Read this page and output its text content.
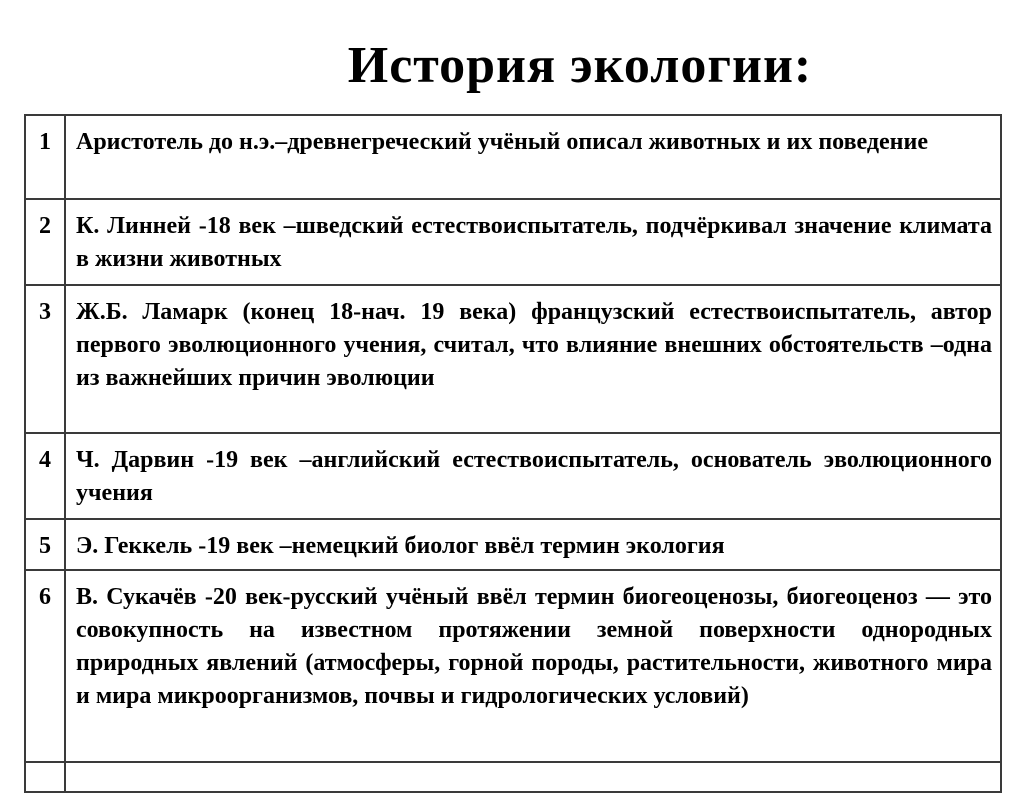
История экологии:
1	Аристотель до н.э.–древнегреческий учёный описал животных и их поведение
2	К. Линней -18 век –шведский естествоиспытатель, подчёркивал значение климата в жизни животных
3	Ж.Б. Ламарк (конец 18-нач. 19 века) французский естествоиспытатель, автор первого эволюционного учения, считал, что влияние внешних обстоятельств –одна из важнейших причин эволюции
4	Ч. Дарвин -19 век –английский естествоиспытатель, основатель эволюционного учения
5	Э. Геккель -19 век –немецкий биолог ввёл термин экология
6	В. Сукачёв -20 век-русский учёный ввёл термин биогеоценозы, биогеоценоз — это совокупность на известном протяжении земной поверхности однородных природных явлений (атмосферы, горной породы, растительности, животного мира и мира микроорганизмов, почвы и гидрологических условий)
